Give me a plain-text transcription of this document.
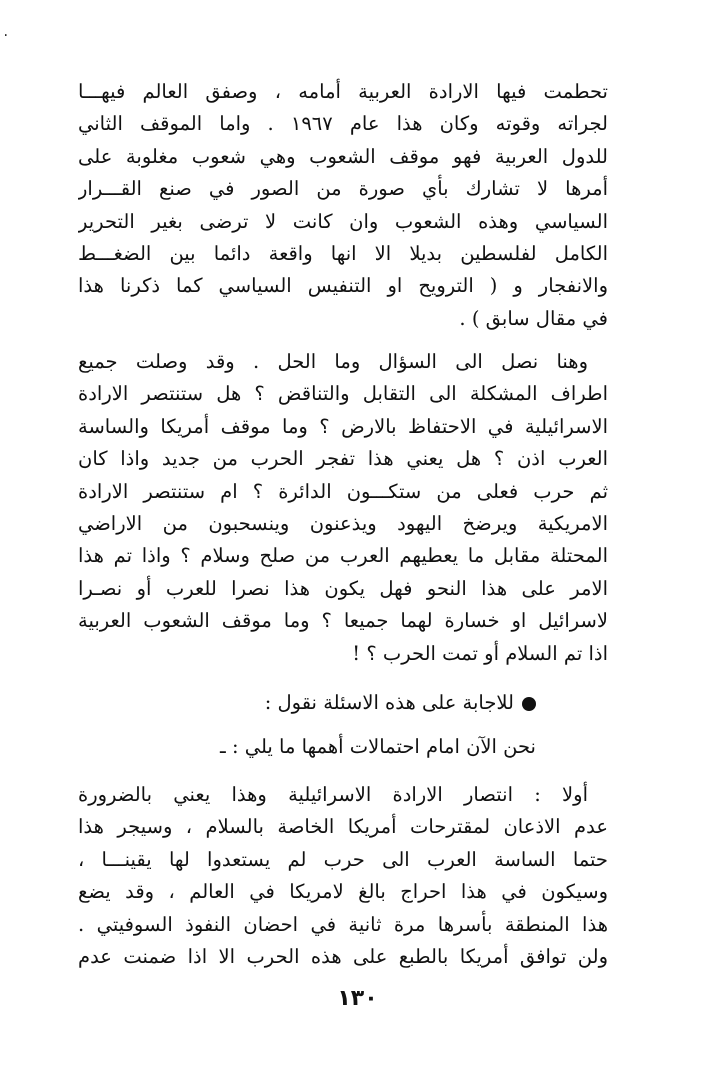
٠
تحطمت فيها الارادة العربية أمامه ، وصفق العالم فيهـــا
لجراته وقوته وكان هذا عام ١٩٦٧ . واما الموقف الثاني
للدول العربية فهو موقف الشعوب وهي شعوب مغلوبة على
أمرها لا تشارك بأي صورة من الصور في صنع القـــرار
السياسي وهذه الشعوب وان كانت لا ترضى بغير التحرير
الكامل لفلسطين بديلا الا انها واقعة دائما بين الضغـــط
والانفجار و ( الترويح او التنفيس السياسي كما ذكرنا هذا
في مقال سابق ) .
وهنا نصل الى السؤال وما الحل . وقد وصلت جميع
اطراف المشكلة الى التقابل والتناقض ؟ هل ستنتصر الارادة
الاسرائيلية في الاحتفاظ بالارض ؟ وما موقف أمريكا والساسة
العرب اذن ؟ هل يعني هذا تفجر الحرب من جديد واذا كان
ثم حرب فعلى من ستكـــون الدائرة ؟ ام ستنتصر الارادة
الامريكية ويرضخ اليهود ويذعنون وينسحبون من الاراضي
المحتلة مقابل ما يعطيهم العرب من صلح وسلام ؟ واذا تم هذا
الامر على هذا النحو فهل يكون هذا نصرا للعرب أو نصـرا
لاسرائيل او خسارة لهما جميعا ؟ وما موقف الشعوب العربية
اذا تم السلام أو تمت الحرب ؟ !
للاجابة على هذه الاسئلة نقول :
نحن الآن امام احتمالات أهمها ما يلي : ـ
أولا : انتصار الارادة الاسرائيلية وهذا يعني بالضرورة
عدم الاذعان لمقترحات أمريكا الخاصة بالسلام ، وسيجر هذا
حتما الساسة العرب الى حرب لم يستعدوا لها يقينـــا ،
وسيكون في هذا احراج بالغ لامريكا في العالم ، وقد يضع
هذا المنطقة بأسرها مرة ثانية في احضان النفوذ السوفيتي .
ولن توافق أمريكا بالطبع على هذه الحرب الا اذا ضمنت عدم
١٣٠
